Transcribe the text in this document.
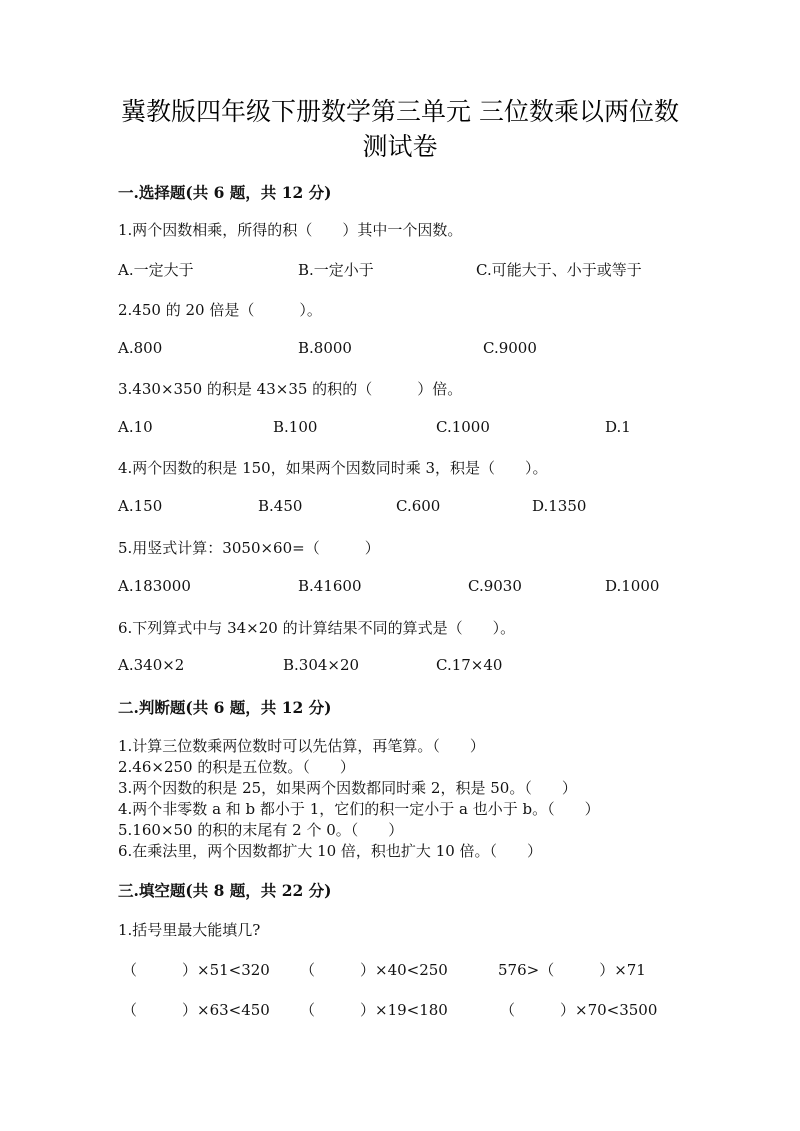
冀教版四年级下册数学第三单元 三位数乘以两位数
测试卷
一.选择题(共 6 题，共 12 分)
1.两个因数相乘，所得的积（　　）其中一个因数。
A.一定大于	B.一定小于	C.可能大于、小于或等于
2.450 的 20 倍是（　　　）。
A.800	B.8000	C.9000
3.430×350 的积是 43×35 的积的（　　　）倍。
A.10	B.100	C.1000	D.1
4.两个因数的积是 150，如果两个因数同时乘 3，积是（　　）。
A.150	B.450	C.600	D.1350
5.用竖式计算：3050×60=（　　　）
A.183000	B.41600	C.9030	D.1000
6.下列算式中与 34×20 的计算结果不同的算式是（　　）。
A.340×2	B.304×20	C.17×40
二.判断题(共 6 题，共 12 分)
1.计算三位数乘两位数时可以先估算，再笔算。（　　）
2.46×250 的积是五位数。（　　）
3.两个因数的积是 25，如果两个因数都同时乘 2，积是 50。（　　）
4.两个非零数 a 和 b 都小于 1，它们的积一定小于 a 也小于 b。（　　）
5.160×50 的积的末尾有 2 个 0。（　　）
6.在乘法里，两个因数都扩大 10 倍，积也扩大 10 倍。（　　）
三.填空题(共 8 题，共 22 分)
1.括号里最大能填几?
（　　　）×51<320 （　　　）×40<250	576>（　　　）×71
（　　　）×63<450 （　　　）×19<180	（　　　）×70<3500
